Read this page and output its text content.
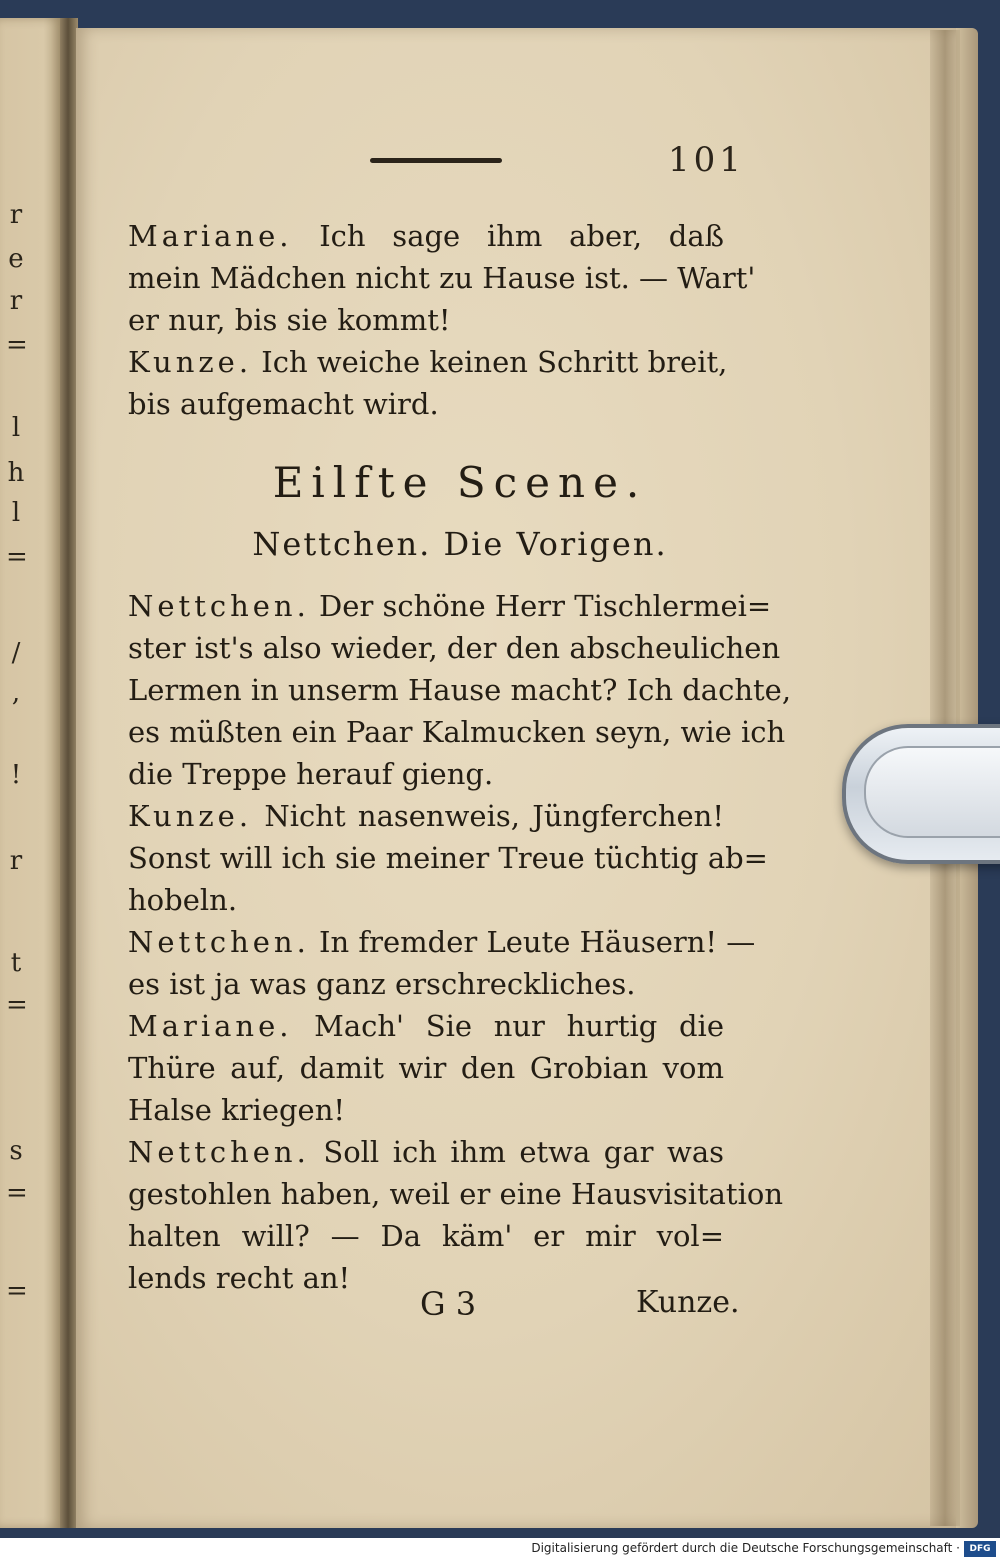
r
e
r
=
l
h
l
=
/
,
!
r
t
=
s
=
=
101
Mariane. Ich sage ihm aber, daß
mein Mädchen nicht zu Hause ist. — Wart'
er nur, bis sie kommt!
Kunze. Ich weiche keinen Schritt breit,
bis aufgemacht wird.
Eilfte Scene.
Nettchen. Die Vorigen.
Nettchen. Der schöne Herr Tischlermei=
ster ist's also wieder, der den abscheulichen
Lermen in unserm Hause macht? Ich dachte,
es müßten ein Paar Kalmucken seyn, wie ich
die Treppe herauf gieng.
Kunze. Nicht nasenweis, Jüngferchen!
Sonst will ich sie meiner Treue tüchtig ab=
hobeln.
Nettchen. In fremder Leute Häusern! —
es ist ja was ganz erschreckliches.
Mariane. Mach' Sie nur hurtig die
Thüre auf, damit wir den Grobian vom
Halse kriegen!
Nettchen. Soll ich ihm etwa gar was
gestohlen haben, weil er eine Hausvisitation
halten will? — Da käm' er mir vol=
lends recht an!
G 3	Kunze.
Digitalisierung gefördert durch die Deutsche Forschungsgemeinschaft ·	DFG
